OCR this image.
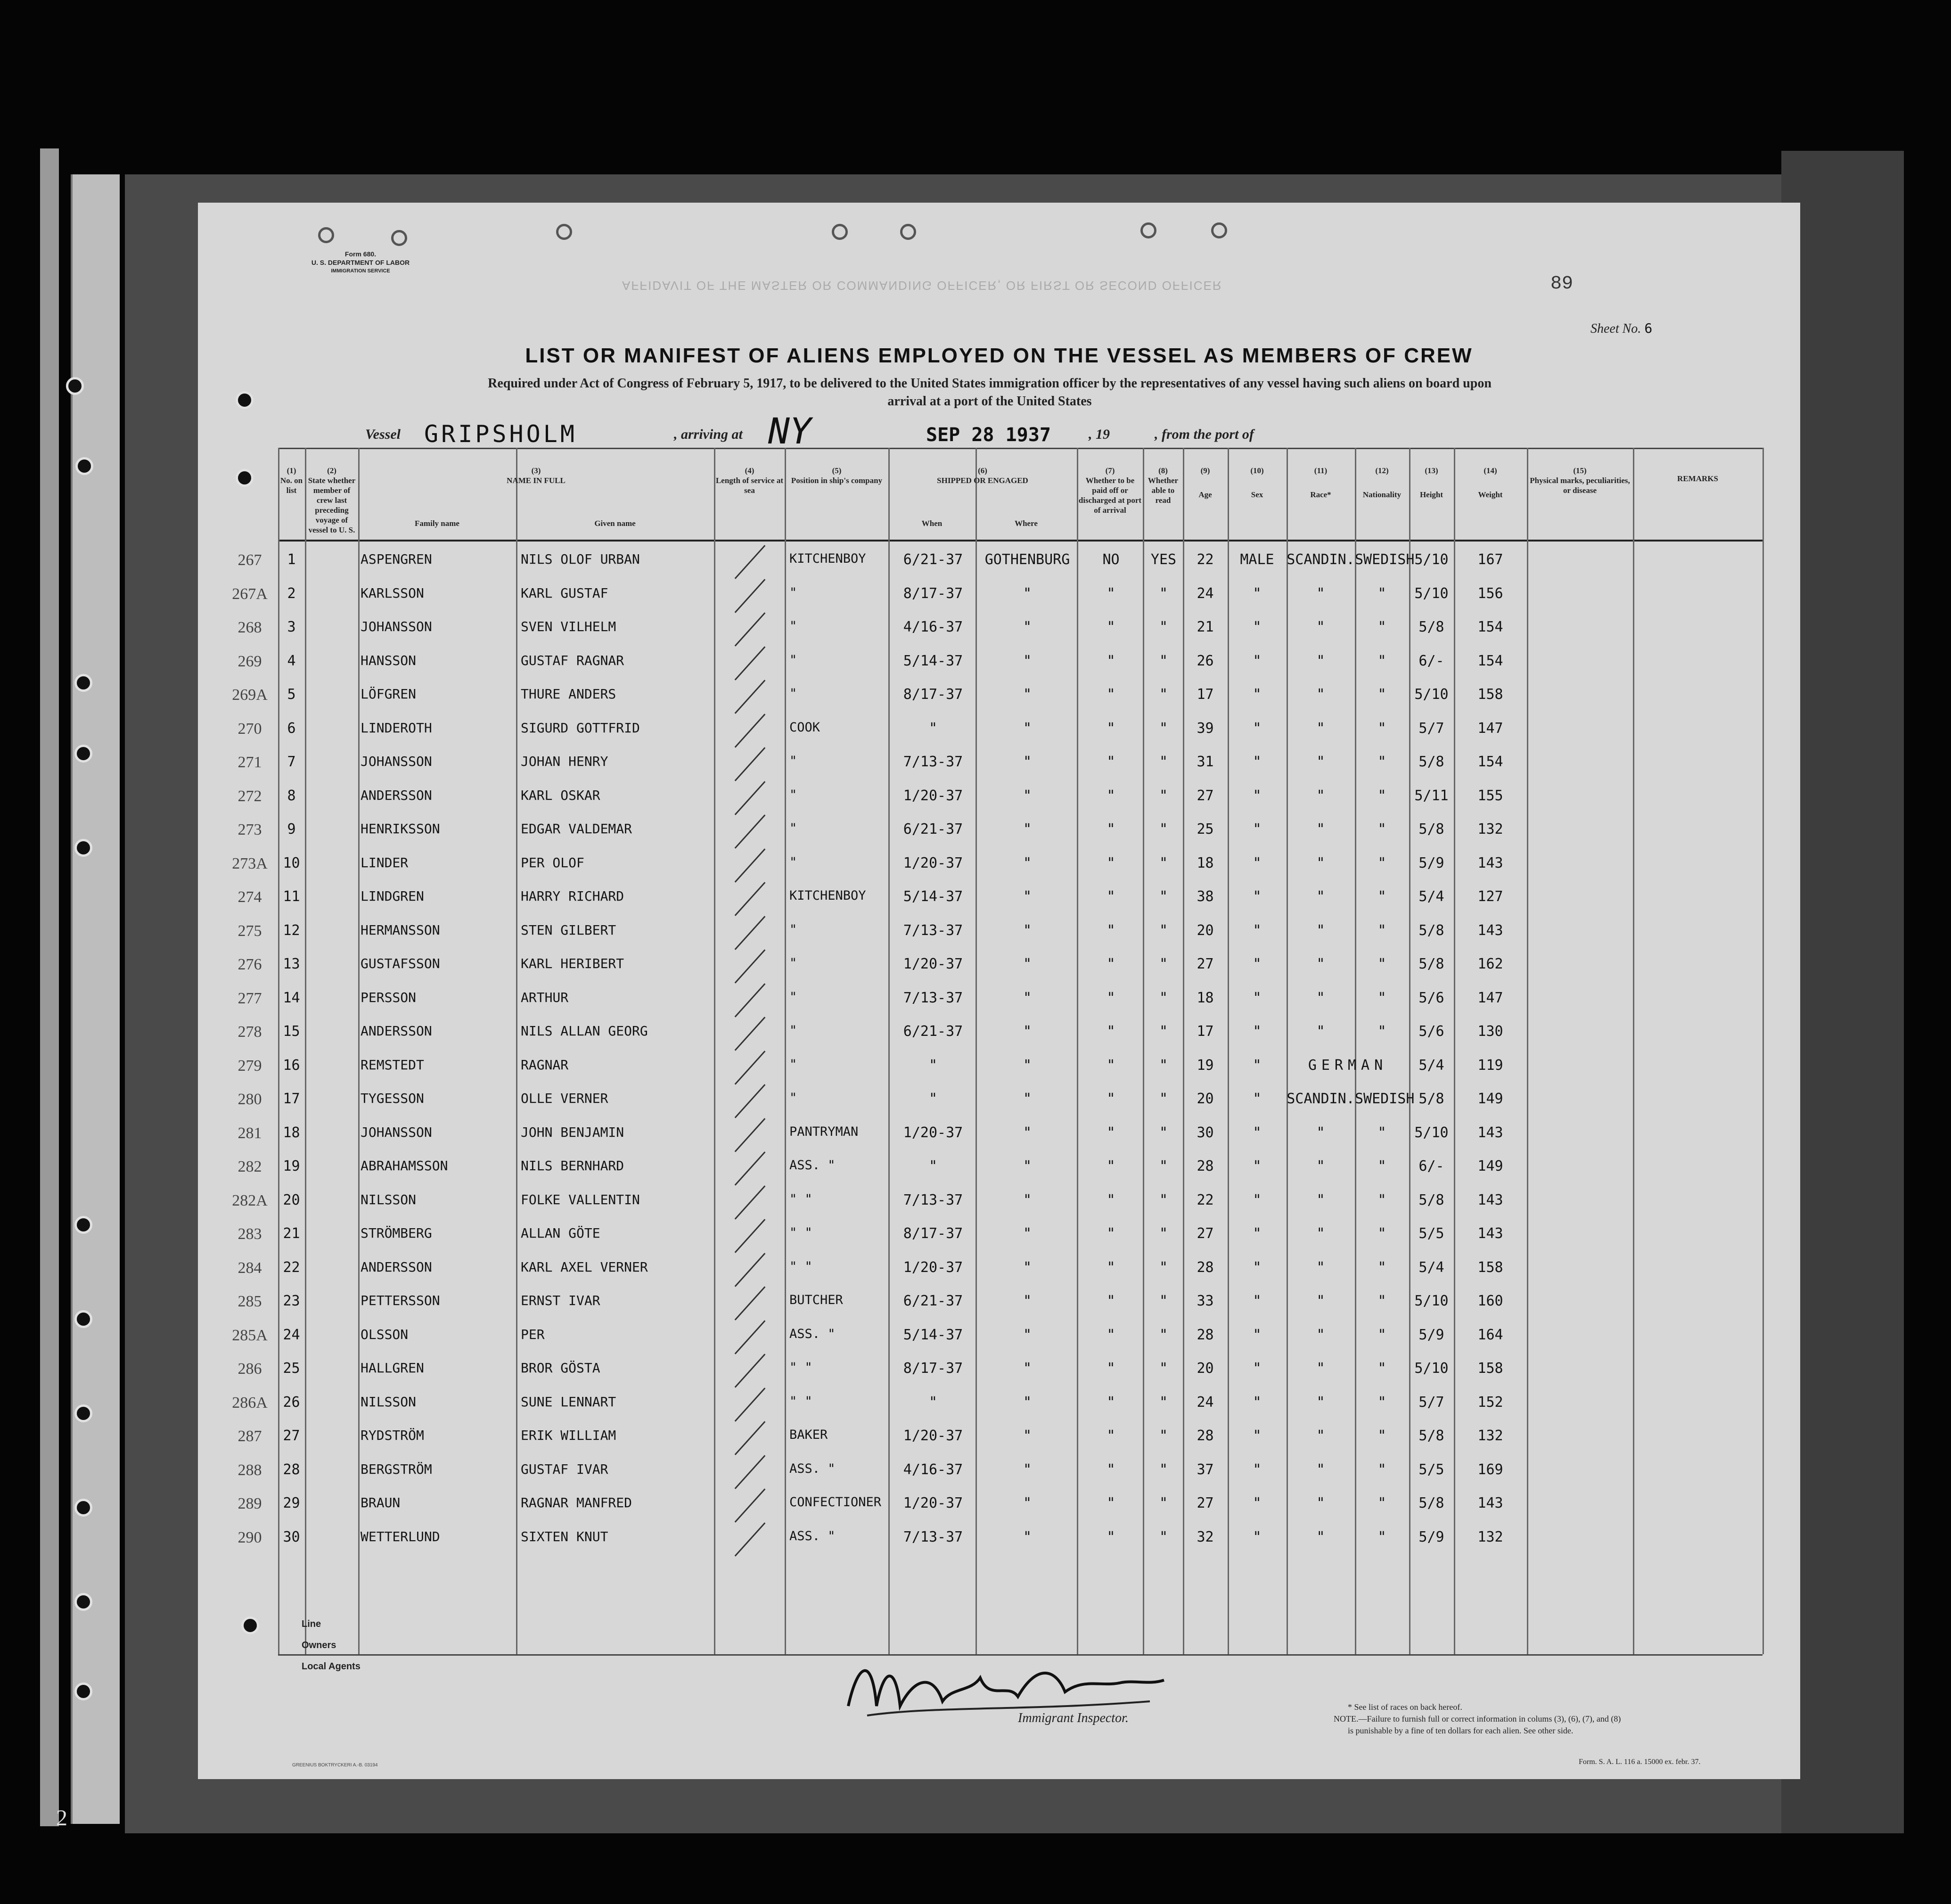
2
Form 680.
U. S. DEPARTMENT OF LABOR
IMMIGRATION SERVICE
AFFIDAVIT OF THE MASTER OR COMMANDING OFFICER, OR FIRST OR SECOND OFFICER	89
Sheet No. 6
LIST OR MANIFEST OF ALIENS EMPLOYED ON THE VESSEL AS MEMBERS OF CREW
Required under Act of Congress of February 5, 1917, to be delivered to the United States immigration officer by the representatives of any vessel having such aliens on board upon
arrival at a port of the United States
Vessel GRIPSHOLM	, arriving at NY	SEP 28 1937	, 19	, from the port of
(1)
No. on list
(2)
State whether member of crew last preceding voyage of vessel to U. S.
(3)
NAME IN FULL
Family name	Given name
(4)
Length of service at sea
(5)
Position in ship's company
(6)
SHIPPED OR ENGAGED
When	Where
(7)
Whether to be paid off or discharged at port of arrival
(8)
Whether able to read
(9)
Age
(10)
Sex
(11)
Race*
(12)
Nationality
(13)
Height
(14)
Weight
(15)
Physical marks, peculiarities, or disease
REMARKS
267	1	ASPENGREN	NILS OLOF URBAN	KITCHENBOY	6/21-37	GOTHENBURG	NO	YES	22	MALE SCANDIN. SWEDISH 5/10	167
267A	2	KARLSSON	KARL GUSTAF	"	8/17-37	"	"	"	24	"	"	"	5/10	156
268	3	JOHANSSON	SVEN VILHELM	"	4/16-37	"	"	"	21	"	"	"	5/8	154
269	4	HANSSON	GUSTAF RAGNAR	"	5/14-37	"	"	"	26	"	"	"	6/-	154
269A	5	LÖFGREN	THURE ANDERS	"	8/17-37	"	"	"	17	"	"	"	5/10	158
270	6	LINDEROTH	SIGURD GOTTFRID	COOK	"	"	"	"	39	"	"	"	5/7	147
271	7	JOHANSSON	JOHAN HENRY	"	7/13-37	"	"	"	31	"	"	"	5/8	154
272	8	ANDERSSON	KARL OSKAR	"	1/20-37	"	"	"	27	"	"	"	5/11	155
273	9	HENRIKSSON	EDGAR VALDEMAR	"	6/21-37	"	"	"	25	"	"	"	5/8	132
273A	10	LINDER	PER OLOF	"	1/20-37	"	"	"	18	"	"	"	5/9	143
274	11	LINDGREN	HARRY RICHARD	KITCHENBOY	5/14-37	"	"	"	38	"	"	"	5/4	127
275	12	HERMANSSON	STEN GILBERT	"	7/13-37	"	"	"	20	"	"	"	5/8	143
276	13	GUSTAFSSON	KARL HERIBERT	"	1/20-37	"	"	"	27	"	"	"	5/8	162
277	14	PERSSON	ARTHUR	"	7/13-37	"	"	"	18	"	"	"	5/6	147
278	15	ANDERSSON	NILS ALLAN GEORG	"	6/21-37	"	"	"	17	"	"	"	5/6	130
279	16	REMSTEDT	RAGNAR	"	"	"	"	"	19	"	GERMAN	5/4	119
280	17	TYGESSON	OLLE VERNER	"	"	"	"	"	20	"	SCANDIN. SWEDISH 5/8	149
281	18	JOHANSSON	JOHN BENJAMIN	PANTRYMAN	1/20-37	"	"	"	30	"	"	"	5/10	143
282	19	ABRAHAMSSON	NILS BERNHARD	ASS. "	"	"	"	"	28	"	"	"	6/-	149
282A	20	NILSSON	FOLKE VALLENTIN	" "	7/13-37	"	"	"	22	"	"	"	5/8	143
283	21	STRÖMBERG	ALLAN GÖTE	" "	8/17-37	"	"	"	27	"	"	"	5/5	143
284	22	ANDERSSON	KARL AXEL VERNER	" "	1/20-37	"	"	"	28	"	"	"	5/4	158
285	23	PETTERSSON	ERNST IVAR	BUTCHER	6/21-37	"	"	"	33	"	"	"	5/10	160
285A	24	OLSSON	PER	ASS. "	5/14-37	"	"	"	28	"	"	"	5/9	164
286	25	HALLGREN	BROR GÖSTA	" "	8/17-37	"	"	"	20	"	"	"	5/10	158
286A	26	NILSSON	SUNE LENNART	" "	"	"	"	"	24	"	"	"	5/7	152
287	27	RYDSTRÖM	ERIK WILLIAM	BAKER	1/20-37	"	"	"	28	"	"	"	5/8	132
288	28	BERGSTRÖM	GUSTAF IVAR	ASS. "	4/16-37	"	"	"	37	"	"	"	5/5	169
289	29	BRAUN	RAGNAR MANFRED	CONFECTIONER	1/20-37	"	"	"	27	"	"	"	5/8	143
290	30	WETTERLUND	SIXTEN KNUT	ASS. "	7/13-37	"	"	"	32	"	"	"	5/9	132
Line
Owners
Local Agents
Immigrant Inspector.
* See list of races on back hereof.
NOTE.—Failure to furnish full or correct information in colums (3), (6), (7), and (8)
is punishable by a fine of ten dollars for each alien. See other side.
Form. S. A. L. 116 a. 15000 ex. febr. 37.
GREENIUS BOKTRYCKERI A.-B. 03194
